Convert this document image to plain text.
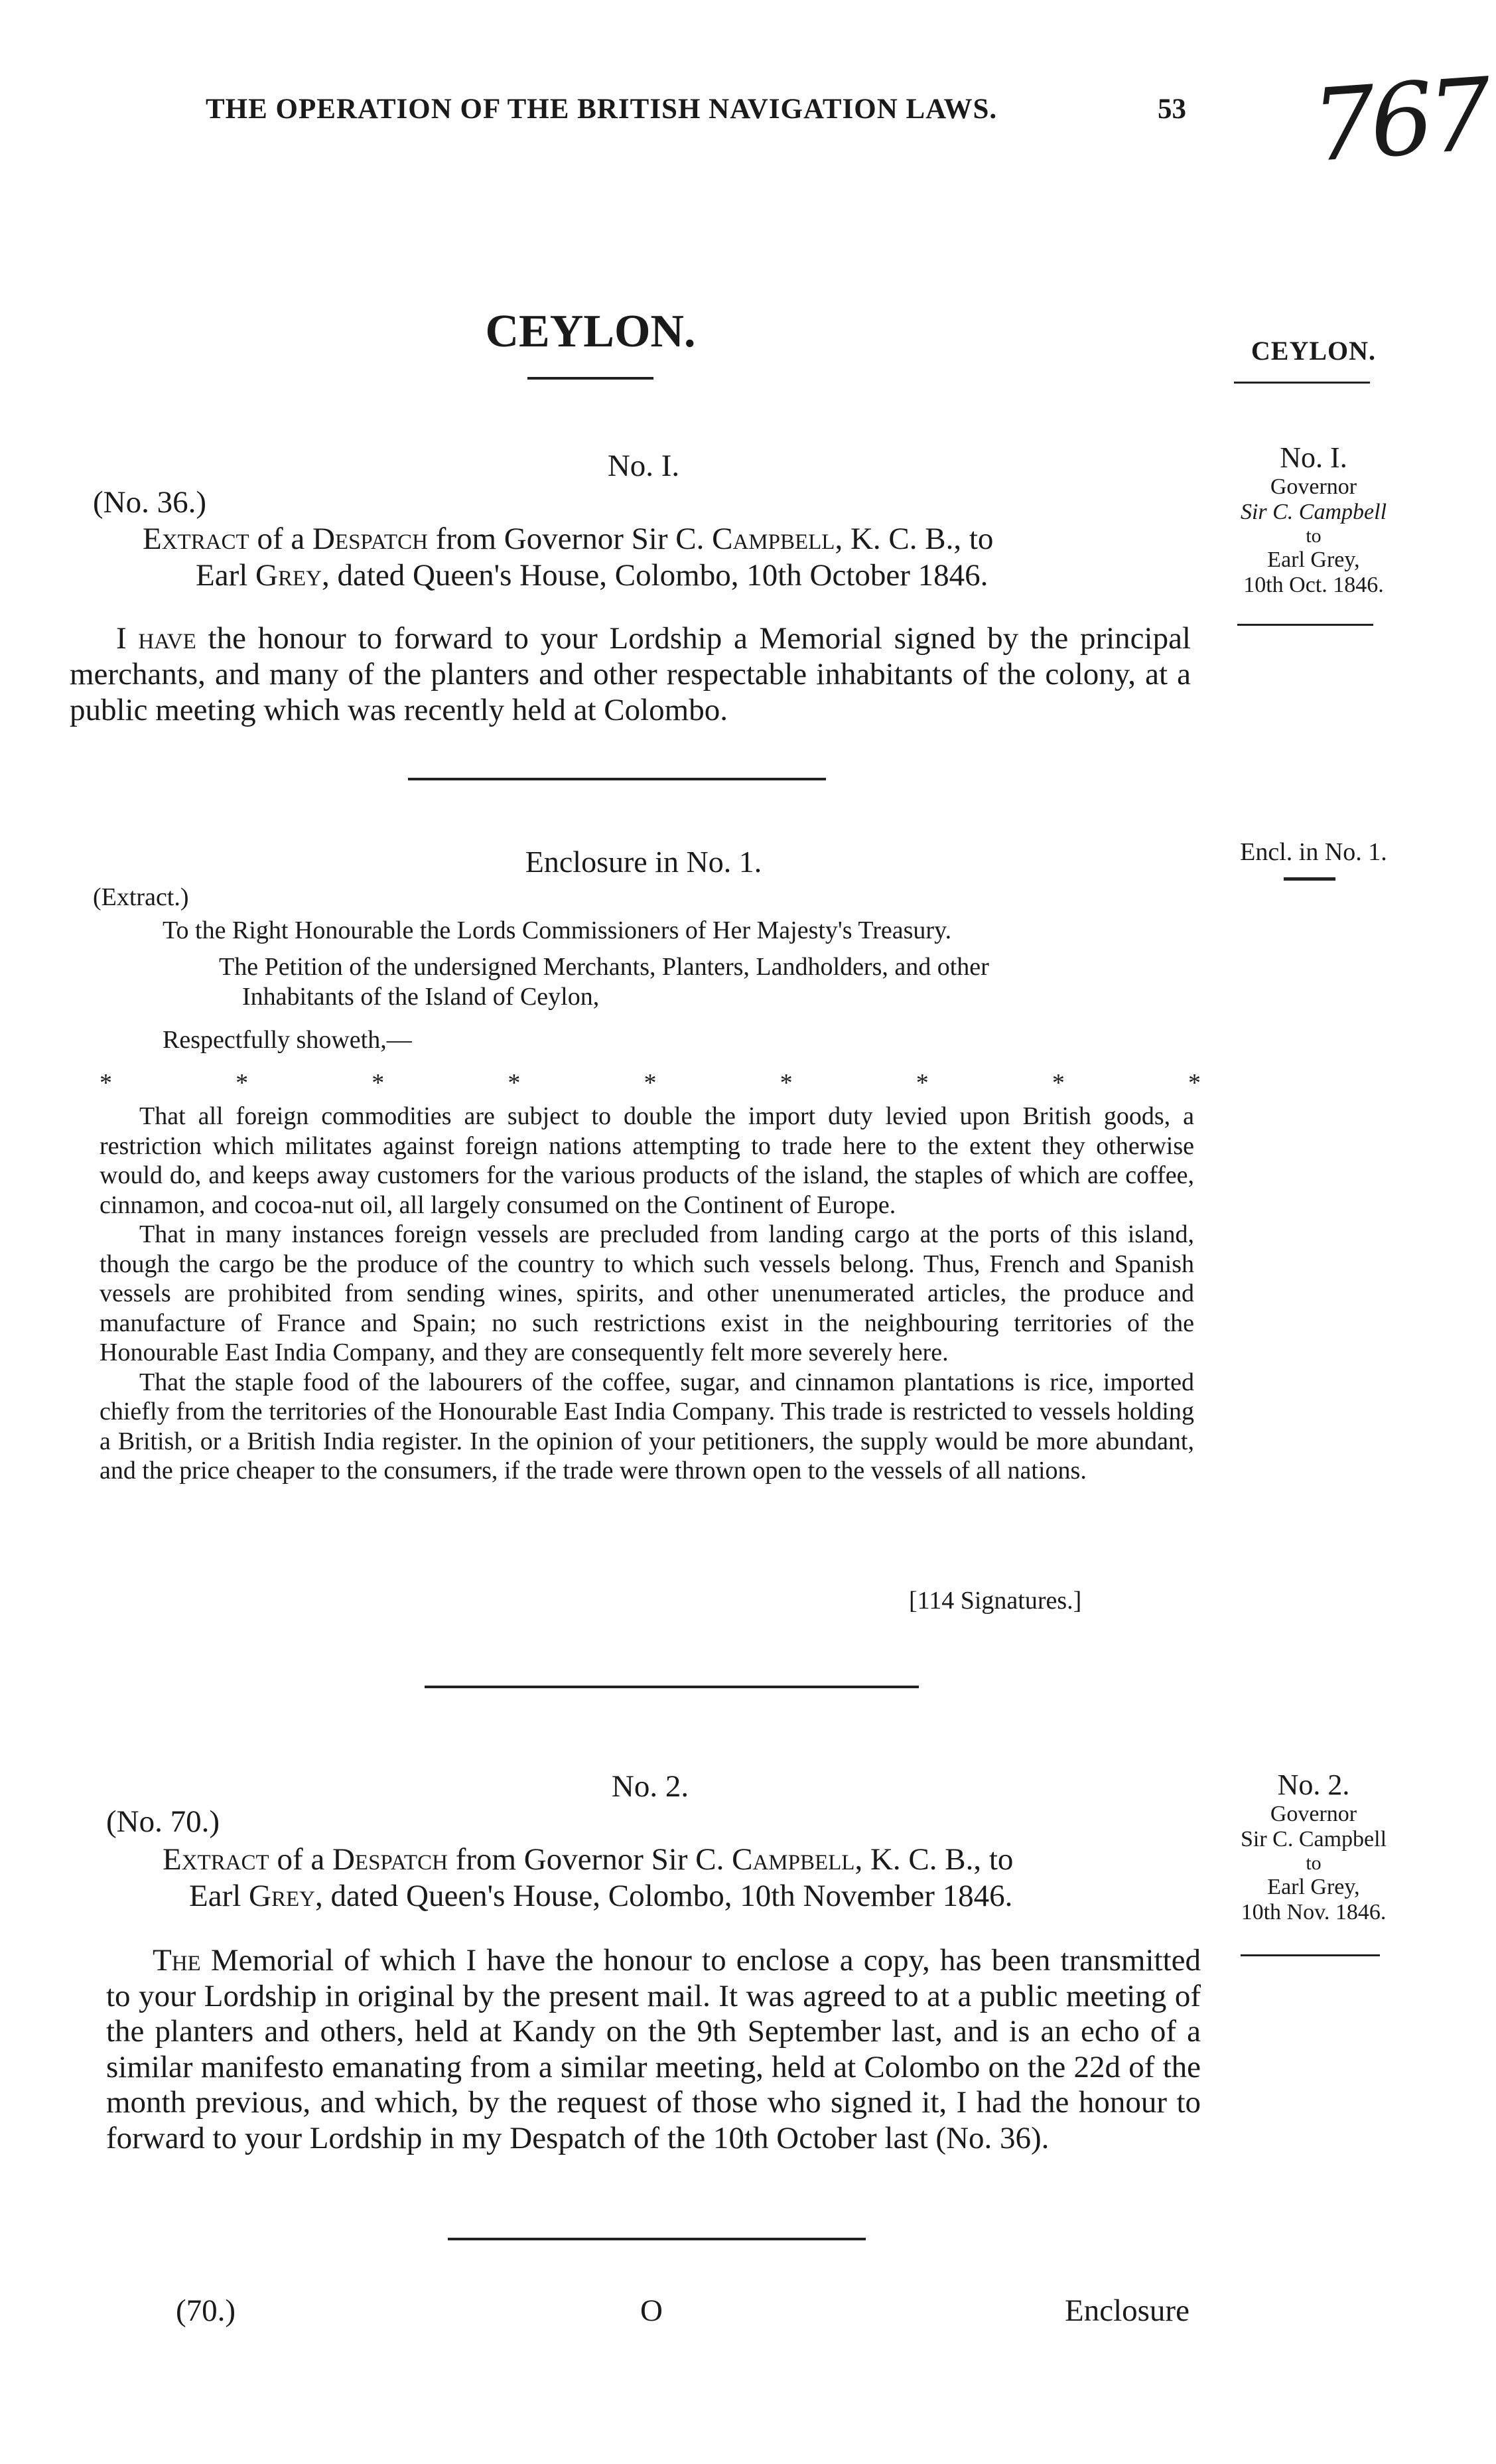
THE OPERATION OF THE BRITISH NAVIGATION LAWS.	53 767
CEYLON.	CEYLON.
No. I.
(No. 36.)
Extract of a Despatch from Governor Sir C. Campbell, K. C. B., to
Earl Grey, dated Queen's House, Colombo, 10th October 1846.
I have the honour to forward to your Lordship a Memorial signed by the principal merchants, and many of the planters and other respectable inhabitants of the colony, at a public meeting which was recently held at Colombo.
No. I.
Governor
Sir C. Campbell
to
Earl Grey,
10th Oct. 1846.
Enclosure in No. 1.	Encl. in No. 1.
(Extract.)
To the Right Honourable the Lords Commissioners of Her Majesty's Treasury.
The Petition of the undersigned Merchants, Planters, Landholders, and other
Inhabitants of the Island of Ceylon,
Respectfully showeth,—
*	*	*	*	*	*	*	*	*
That all foreign commodities are subject to double the import duty levied upon British goods, a restriction which militates against foreign nations attempting to trade here to the extent they otherwise would do, and keeps away customers for the various products of the island, the staples of which are coffee, cinnamon, and cocoa-nut oil, all largely consumed on the Continent of Europe.
That in many instances foreign vessels are precluded from landing cargo at the ports of this island, though the cargo be the produce of the country to which such vessels belong. Thus, French and Spanish vessels are prohibited from sending wines, spirits, and other unenumerated articles, the produce and manufacture of France and Spain; no such restrictions exist in the neighbouring territories of the Honourable East India Company, and they are consequently felt more severely here.
That the staple food of the labourers of the coffee, sugar, and cinnamon plantations is rice, imported chiefly from the territories of the Honourable East India Company. This trade is restricted to vessels holding a British, or a British India register. In the opinion of your petitioners, the supply would be more abundant, and the price cheaper to the consumers, if the trade were thrown open to the vessels of all nations.
[114 Signatures.]
No. 2.
(No. 70.)
Extract of a Despatch from Governor Sir C. Campbell, K. C. B., to
Earl Grey, dated Queen's House, Colombo, 10th November 1846.
The Memorial of which I have the honour to enclose a copy, has been transmitted to your Lordship in original by the present mail. It was agreed to at a public meeting of the planters and others, held at Kandy on the 9th September last, and is an echo of a similar manifesto emanating from a similar meeting, held at Colombo on the 22d of the month previous, and which, by the request of those who signed it, I had the honour to forward to your Lordship in my Despatch of the 10th October last (No. 36).
No. 2.
Governor
Sir C. Campbell
to
Earl Grey,
10th Nov. 1846.
(70.)	O	Enclosure
